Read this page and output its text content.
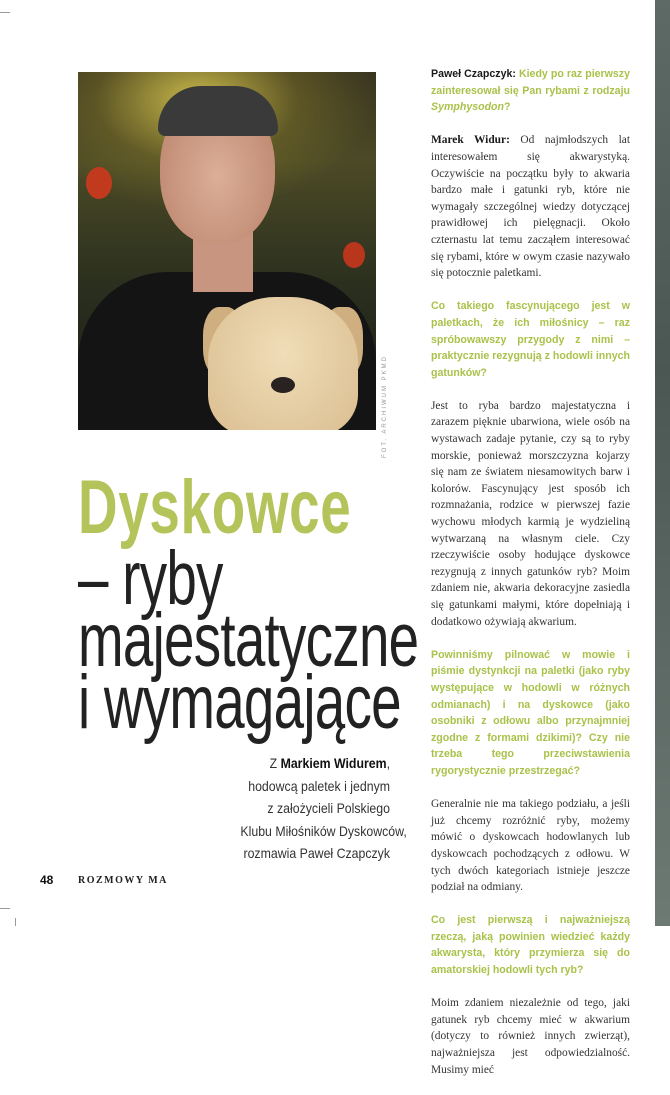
FOT. ARCHIWUM PKMD
Dyskowce
– ryby
majestatyczne
i wymagające
Z Markiem Widurem,
hodowcą paletek i jednym
z założycieli Polskiego
Klubu Miłośników Dyskowców,
rozmawia Paweł Czapczyk

Paweł Czapczyk: Kiedy po raz pierwszy zainteresował się Pan rybami z rodzaju Symphysodon?

Marek Widur: Od najmłodszych lat interesowałem się akwarystyką. Oczywiście na początku były to akwaria bardzo małe i gatunki ryb, które nie wymagały szczególnej wiedzy dotyczącej prawidłowej ich pielęgnacji. Około czternastu lat temu zacząłem interesować się rybami, które w owym czasie nazywało się potocznie paletkami.

Co takiego fascynującego jest w paletkach, że ich miłośnicy – raz spróbowawszy przygody z nimi – praktycznie rezygnują z hodowli innych gatunków?

Jest to ryba bardzo majestatyczna i zarazem pięknie ubarwiona, wiele osób na wystawach zadaje pytanie, czy są to ryby morskie, ponieważ morszczyzna kojarzy się nam ze światem niesamowitych barw i kolorów. Fascynujący jest sposób ich rozmnażania, rodzice w pierwszej fazie wychowu młodych karmią je wydzieliną wytwarzaną na własnym ciele. Czy rzeczywiście osoby hodujące dyskowce rezygnują z innych gatunków ryb? Moim zdaniem nie, akwaria dekoracyjne zasiedla się gatunkami małymi, które dopełniają i dodatkowo ożywiają akwarium.

Powinniśmy pilnować w mowie i piśmie dystynkcji na paletki (jako ryby występujące w hodowli w różnych odmianach) i na dyskowce (jako osobniki z odłowu albo przynajmniej zgodne z formami dzikimi)? Czy nie trzeba tego przeciwstawienia rygorystycznie przestrzegać?

Generalnie nie ma takiego podziału, a jeśli już chcemy rozróżnić ryby, możemy mówić o dyskowcach hodowlanych lub dyskowcach pochodzących z odłowu. W tych dwóch kategoriach istnieje jeszcze podział na odmiany.

Co jest pierwszą i najważniejszą rzeczą, jaką powinien wiedzieć każdy akwarysta, który przymierza się do amatorskiej hodowli tych ryb?

Moim zdaniem niezależnie od tego, jaki gatunek ryb chcemy mieć w akwarium (dotyczy to również innych zwierząt), najważniejsza jest odpowiedzialność. Musimy mieć

48 ROZMOWY MA
